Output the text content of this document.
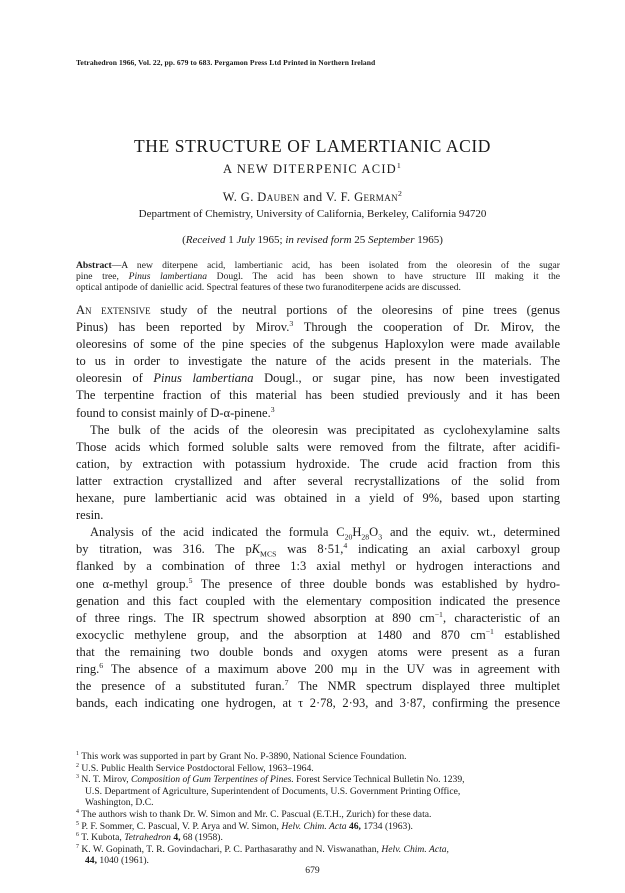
Tetrahedron 1966, Vol. 22, pp. 679 to 683. Pergamon Press Ltd Printed in Northern Ireland
THE STRUCTURE OF LAMERTIANIC ACID
A NEW DITERPENIC ACID$^1$
W. G. Dauben and V. F. German$^2$
Department of Chemistry, University of California, Berkeley, California 94720
(Received 1 July 1965; in revised form 25 September 1965)
Abstract—A new diterpene acid, lambertianic acid, has been isolated from the oleoresin of the sugar
pine tree, Pinus lambertiana Dougl. The acid has been shown to have structure III making it the
optical antipode of daniellic acid. Spectral features of these two furanoditerpene acids are discussed.
An extensive study of the neutral portions of the oleoresins of pine trees (genus
Pinus) has been reported by Mirov.$^3$ Through the cooperation of Dr. Mirov, the
oleoresins of some of the pine species of the subgenus Haploxylon were made available
to us in order to investigate the nature of the acids present in the materials. The
oleoresin of Pinus lambertiana Dougl., or sugar pine, has now been investigated
The terpentine fraction of this material has been studied previously and it has been
found to consist mainly of D-α-pinene.$^3$
The bulk of the acids of the oleoresin was precipitated as cyclohexylamine salts
Those acids which formed soluble salts were removed from the filtrate, after acidifi-
cation, by extraction with potassium hydroxide. The crude acid fraction from this
latter extraction crystallized and after several recrystallizations of the solid from
hexane, pure lambertianic acid was obtained in a yield of 9%, based upon starting
resin.
Analysis of the acid indicated the formula $C_{20}H_{28}O_3$ and the equiv. wt., determined
by titration, was 316. The $pK_{MCS}$ was 8·51,$^4$ indicating an axial carboxyl group
flanked by a combination of three 1:3 axial methyl or hydrogen interactions and
one α-methyl group.$^5$ The presence of three double bonds was established by hydro-
genation and this fact coupled with the elementary composition indicated the presence
of three rings. The IR spectrum showed absorption at 890 $cm^{-1}$, characteristic of an
exocyclic methylene group, and the absorption at 1480 and 870 $cm^{-1}$ established
that the remaining two double bonds and oxygen atoms were present as a furan
ring.$^6$ The absence of a maximum above 200 mμ in the UV was in agreement with
the presence of a substituted furan.$^7$ The NMR spectrum displayed three multiplet
bands, each indicating one hydrogen, at τ 2·78, 2·93, and 3·87, confirming the presence
$^1$ This work was supported in part by Grant No. P-3890, National Science Foundation.
$^2$ U.S. Public Health Service Postdoctoral Fellow, 1963–1964.
$^3$ N. T. Mirov, Composition of Gum Terpentines of Pines. Forest Service Technical Bulletin No. 1239,
U.S. Department of Agriculture, Superintendent of Documents, U.S. Government Printing Office,
Washington, D.C.
$^4$ The authors wish to thank Dr. W. Simon and Mr. C. Pascual (E.T.H., Zurich) for these data.
$^5$ P. F. Sommer, C. Pascual, V. P. Arya and W. Simon, Helv. Chim. Acta 46, 1734 (1963).
$^6$ T. Kubota, Tetrahedron 4, 68 (1958).
$^7$ K. W. Gopinath, T. R. Govindachari, P. C. Parthasarathy and N. Viswanathan, Helv. Chim. Acta,
44, 1040 (1961).
679
